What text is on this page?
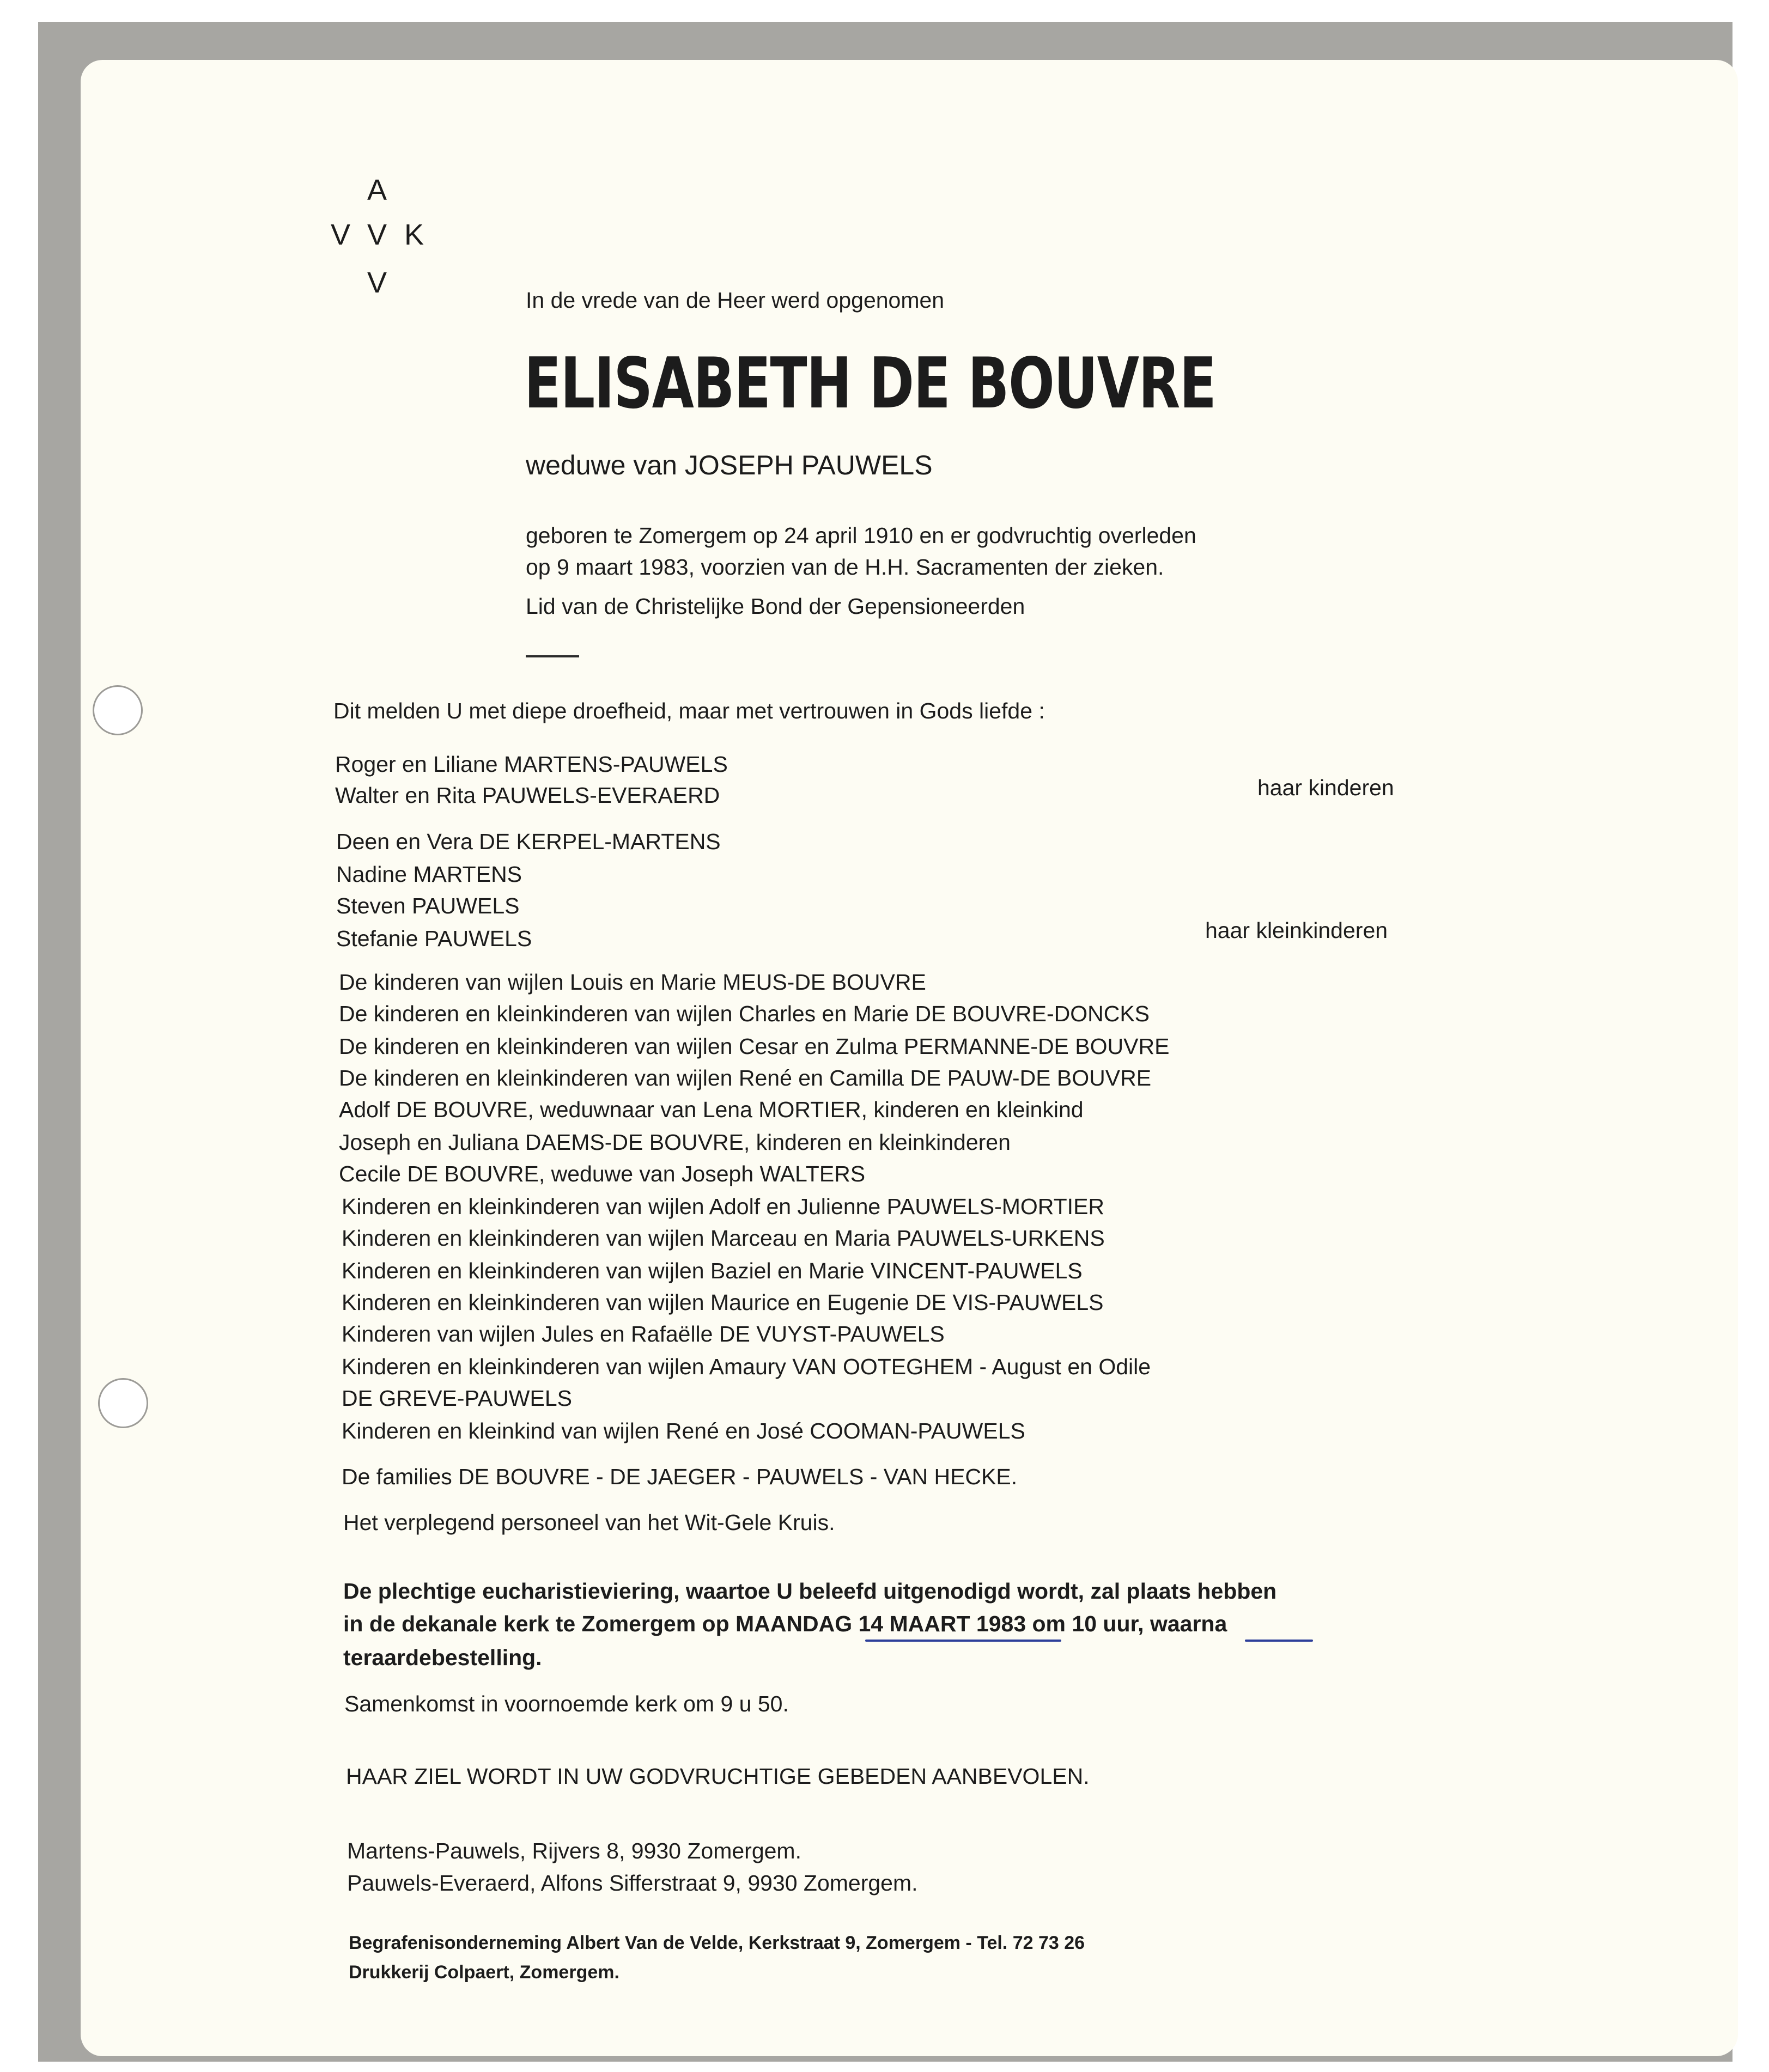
A
V V K
V
In de vrede van de Heer werd opgenomen
ELISABETH DE BOUVRE
weduwe van JOSEPH PAUWELS
geboren te Zomergem op 24 april 1910 en er godvruchtig overleden
op 9 maart 1983, voorzien van de H.H. Sacramenten der zieken.
Lid van de Christelijke Bond der Gepensioneerden
Dit melden U met diepe droefheid, maar met vertrouwen in Gods liefde :
Roger en Liliane MARTENS-PAUWELS
Walter en Rita PAUWELS-EVERAERD	haar kinderen
Deen en Vera DE KERPEL-MARTENS
Nadine MARTENS
Steven PAUWELS
Stefanie PAUWELS	haar kleinkinderen
De kinderen van wijlen Louis en Marie MEUS-DE BOUVRE
De kinderen en kleinkinderen van wijlen Charles en Marie DE BOUVRE-DONCKS
De kinderen en kleinkinderen van wijlen Cesar en Zulma PERMANNE-DE BOUVRE
De kinderen en kleinkinderen van wijlen René en Camilla DE PAUW-DE BOUVRE
Adolf DE BOUVRE, weduwnaar van Lena MORTIER, kinderen en kleinkind
Joseph en Juliana DAEMS-DE BOUVRE, kinderen en kleinkinderen
Cecile DE BOUVRE, weduwe van Joseph WALTERS
Kinderen en kleinkinderen van wijlen Adolf en Julienne PAUWELS-MORTIER
Kinderen en kleinkinderen van wijlen Marceau en Maria PAUWELS-URKENS
Kinderen en kleinkinderen van wijlen Baziel en Marie VINCENT-PAUWELS
Kinderen en kleinkinderen van wijlen Maurice en Eugenie DE VIS-PAUWELS
Kinderen van wijlen Jules en Rafaëlle DE VUYST-PAUWELS
Kinderen en kleinkinderen van wijlen Amaury VAN OOTEGHEM - August en Odile
DE GREVE-PAUWELS
Kinderen en kleinkind van wijlen René en José COOMAN-PAUWELS
De families DE BOUVRE - DE JAEGER - PAUWELS - VAN HECKE.
Het verplegend personeel van het Wit-Gele Kruis.
De plechtige eucharistieviering, waartoe U beleefd uitgenodigd wordt, zal plaats hebben
in de dekanale kerk te Zomergem op MAANDAG 14 MAART 1983 om 10 uur, waarna
teraardebestelling.
Samenkomst in voornoemde kerk om 9 u 50.
HAAR ZIEL WORDT IN UW GODVRUCHTIGE GEBEDEN AANBEVOLEN.
Martens-Pauwels, Rijvers 8, 9930 Zomergem.
Pauwels-Everaerd, Alfons Sifferstraat 9, 9930 Zomergem.
Begrafenisonderneming Albert Van de Velde, Kerkstraat 9, Zomergem - Tel. 72 73 26
Drukkerij Colpaert, Zomergem.
